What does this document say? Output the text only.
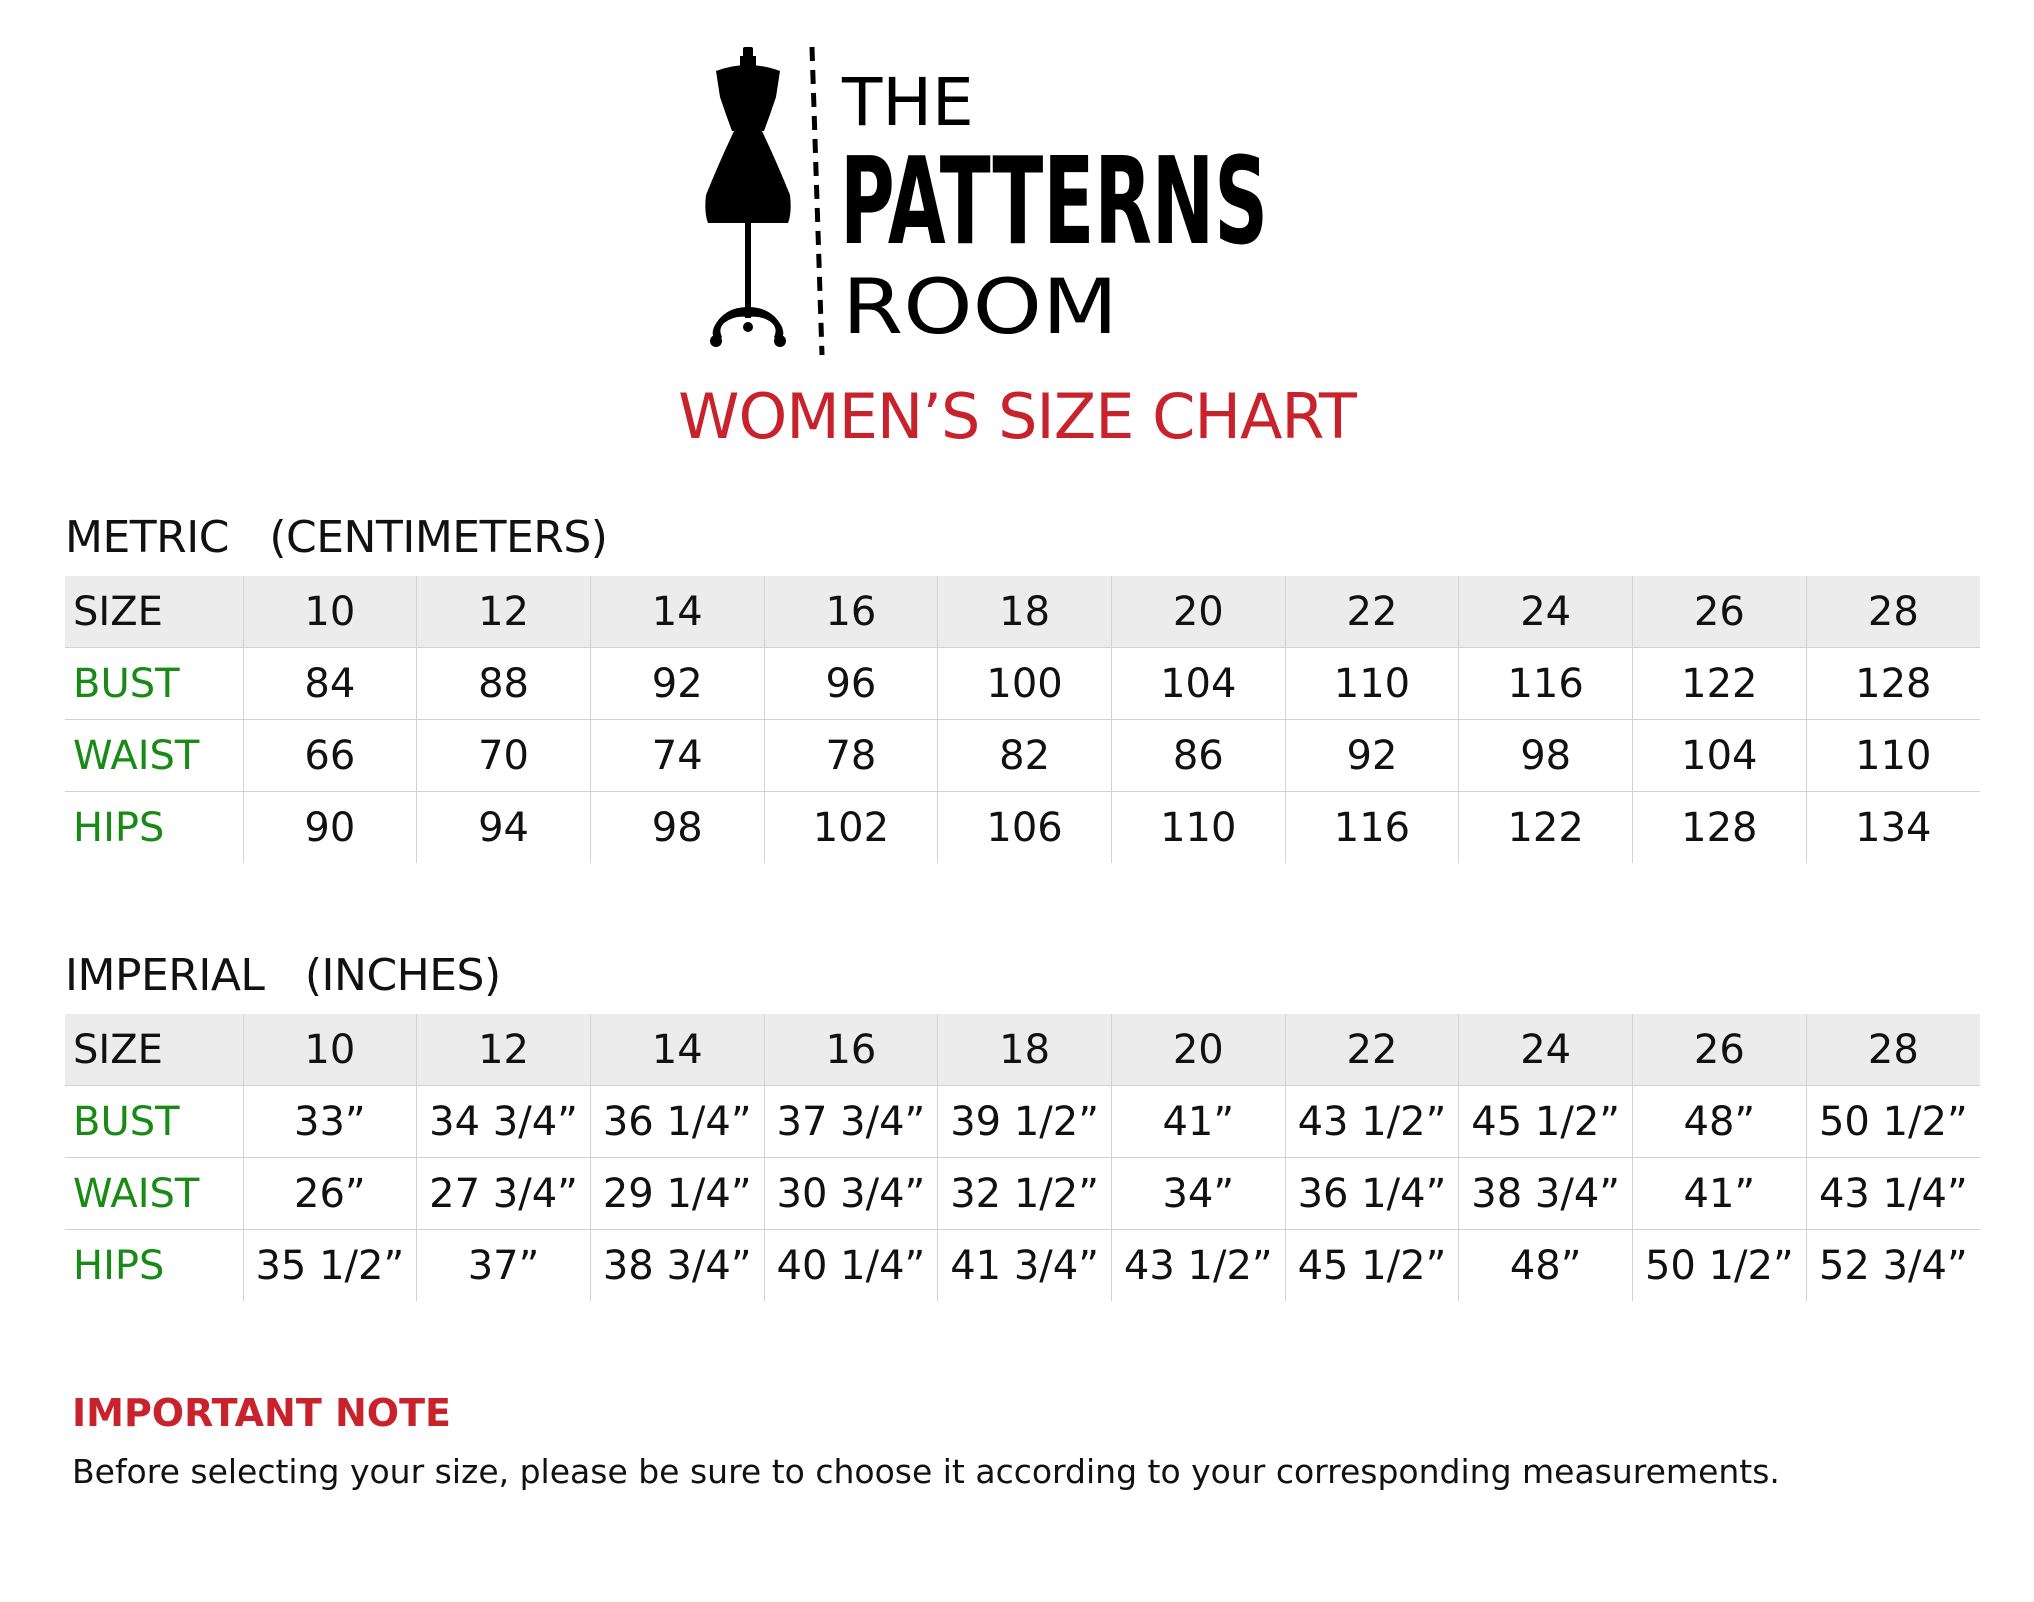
THE
PATTERNS
ROOM
WOMEN’S SIZE CHART
METRIC   (CENTIMETERS)
SIZE	10	12	14	16	18	20	22	24	26	28
BUST	84	88	92	96	100	104	110	116	122	128
WAIST	66	70	74	78	82	86	92	98	104	110
HIPS	90	94	98	102	106	110	116	122	128	134
IMPERIAL   (INCHES)
SIZE	10	12	14	16	18	20	22	24	26	28
BUST	33”	34 3/4”	36 1/4”	37 3/4”	39 1/2”	41”	43 1/2”	45 1/2”	48”	50 1/2”
WAIST	26”	27 3/4”	29 1/4”	30 3/4”	32 1/2”	34”	36 1/4”	38 3/4”	41”	43 1/4”
HIPS	35 1/2”	37”	38 3/4”	40 1/4”	41 3/4”	43 1/2”	45 1/2”	48”	50 1/2”	52 3/4”
IMPORTANT NOTE
Before selecting your size, please be sure to choose it according to your corresponding measurements.
